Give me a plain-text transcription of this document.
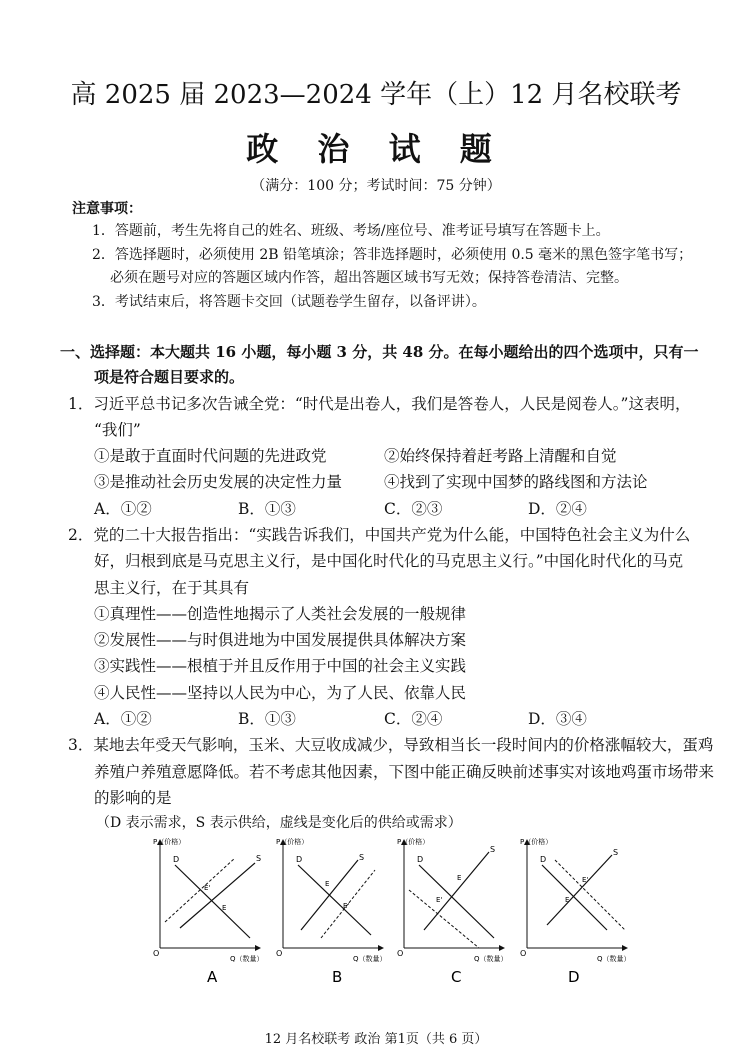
高 2025 届 2023—2024 学年（上）12 月名校联考
政 治 试 题
（满分：100 分；考试时间：75 分钟）
注意事项：
1．答题前，考生先将自己的姓名、班级、考场/座位号、准考证号填写在答题卡上。
2．答选择题时，必须使用 2B 铅笔填涂；答非选择题时，必须使用 0.5 毫米的黑色签字笔书写；
必须在题号对应的答题区域内作答，超出答题区域书写无效；保持答卷清洁、完整。
3．考试结束后，将答题卡交回（试题卷学生留存，以备评讲）。
一、选择题：本大题共 16 小题，每小题 3 分，共 48 分。在每小题给出的四个选项中，只有一
项是符合题目要求的。
1．习近平总书记多次告诫全党：“时代是出卷人，我们是答卷人，人民是阅卷人。”这表明，
“我们”
①是敢于直面时代问题的先进政党	②始终保持着赶考路上清醒和自觉
③是推动社会历史发展的决定性力量	④找到了实现中国梦的路线图和方法论
A．①②	B．①③	C．②③	D．②④
2．党的二十大报告指出：“实践告诉我们，中国共产党为什么能，中国特色社会主义为什么
好，归根到底是马克思主义行，是中国化时代化的马克思主义行。”中国化时代化的马克
思主义行，在于其具有
①真理性——创造性地揭示了人类社会发展的一般规律
②发展性——与时俱进地为中国发展提供具体解决方案
③实践性——根植于并且反作用于中国的社会主义实践
④人民性——坚持以人民为中心，为了人民、依靠人民
A．①②	B．①③	C．②④	D．③④
3．某地去年受天气影响，玉米、大豆收成减少，导致相当长一段时间内的价格涨幅较大，蛋鸡
养殖户养殖意愿降低。若不考虑其他因素，下图中能正确反映前述事实对该地鸡蛋市场带来
的影响的是
（D 表示需求，S 表示供给，虚线是变化后的供给或需求）
P（价格）
Q（数量）
O
D	S
E'
E
P（价格）
Q（数量）
O
D	S
E
E'
P（价格）
Q（数量）
O
D
S
E
E'
P（价格）
Q（数量）
O
D
S
E'
E
A	B	C	D
12 月名校联考 政治 第1页（共 6 页）
